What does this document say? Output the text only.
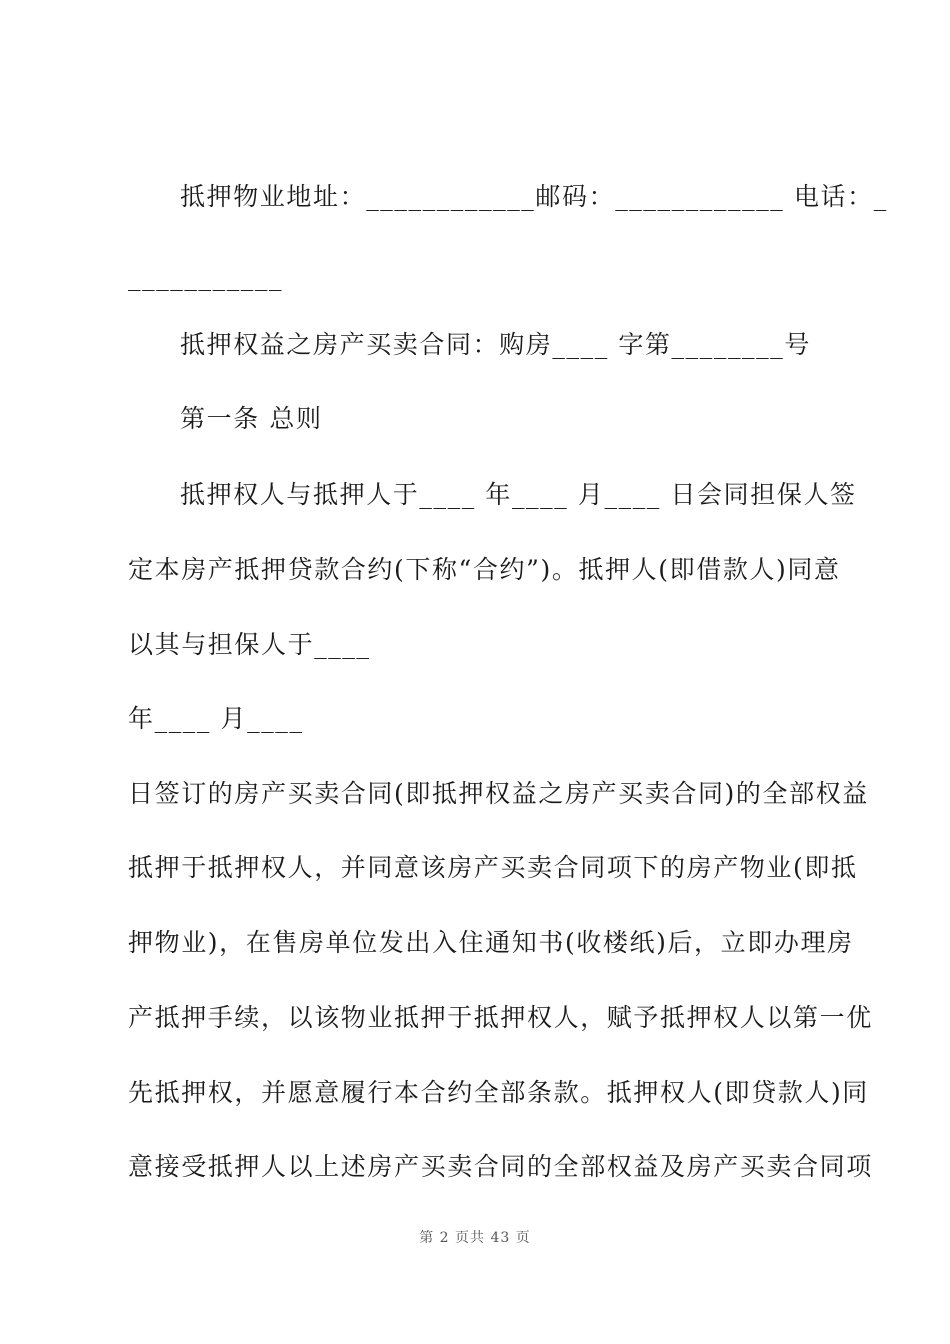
抵押物业地址：____________邮码：____________ 电话：_
___________
抵押权益之房产买卖合同：购房____ 字第________号
第一条 总则
抵押权人与抵押人于____ 年____ 月____ 日会同担保人签
定本房产抵押贷款合约(下称“合约”)。抵押人(即借款人)同意
以其与担保人于____
年____ 月____
日签订的房产买卖合同(即抵押权益之房产买卖合同)的全部权益
抵押于抵押权人，并同意该房产买卖合同项下的房产物业(即抵
押物业)，在售房单位发出入住通知书(收楼纸)后，立即办理房
产抵押手续，以该物业抵押于抵押权人，赋予抵押权人以第一优
先抵押权，并愿意履行本合约全部条款。抵押权人(即贷款人)同
意接受抵押人以上述房产买卖合同的全部权益及房产买卖合同项
第 2 页共 43 页
